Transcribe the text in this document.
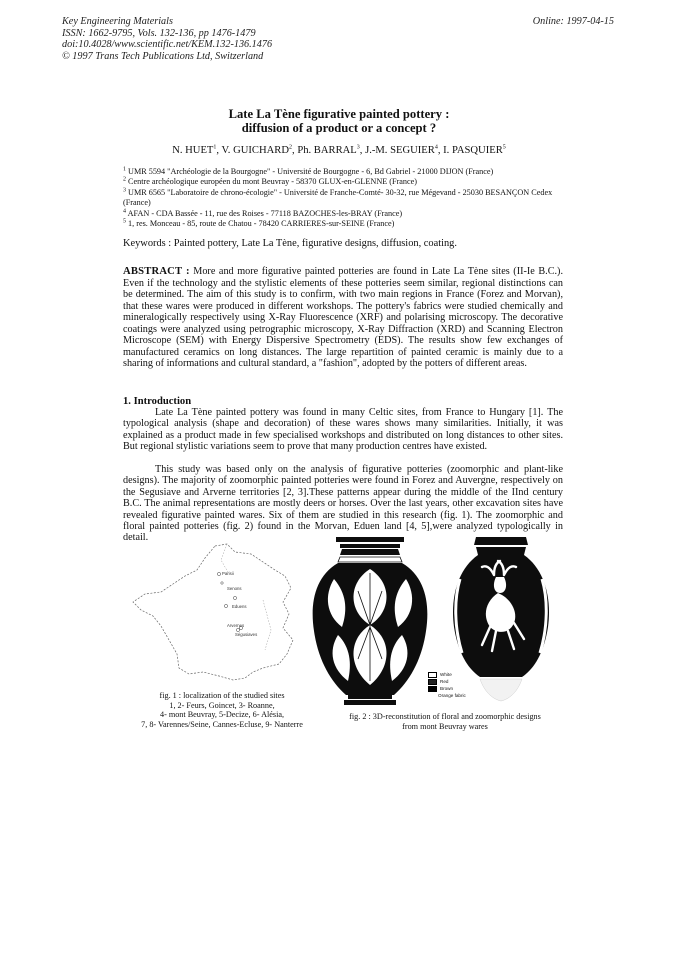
Key Engineering Materials
ISSN: 1662-9795, Vols. 132-136, pp 1476-1479
doi:10.4028/www.scientific.net/KEM.132-136.1476
© 1997 Trans Tech Publications Ltd, Switzerland
Online: 1997-04-15
Late La Tène figurative painted pottery :
diffusion of a product or a concept ?
N. HUET$^1$, V. GUICHARD$^2$, Ph. BARRAL$^3$, J.-M. SEGUIER$^4$, I. PASQUIER$^5$
$^1$ UMR 5594 "Archéologie de la Bourgogne" - Université de Bourgogne - 6, Bd Gabriel - 21000 DIJON (France)
$^2$ Centre archéologique européen du mont Beuvray - 58370 GLUX-en-GLENNE (France)
$^3$ UMR 6565 "Laboratoire de chrono-écologie" - Université de Franche-Comté- 30-32, rue Mégevand - 25030 BESANÇON Cedex (France)
$^4$ AFAN - CDA Bassée - 11, rue des Roises - 77118 BAZOCHES-les-BRAY (France)
$^5$ 1, res. Monceau - 85, route de Chatou - 78420 CARRIERES-sur-SEINE (France)
Keywords : Painted pottery, Late La Tène, figurative designs, diffusion, coating.
ABSTRACT : More and more figurative painted potteries are found in Late La Tène sites (II-Ie B.C.). Even if the technology and the stylistic elements of these potteries seem similar, regional distinctions can be determined. The aim of this study is to confirm, with two main regions in France (Forez and Morvan), that these wares were produced in different workshops. The pottery's fabrics were studied chemically and mineralogically respectively using X-Ray Fluorescence (XRF) and polarising microscopy. The decorative coatings were analyzed using petrographic microscopy, X-Ray Diffraction (XRD) and Scanning Electron Microscope (SEM) with Energy Dispersive Spectrometry (EDS). The results show few exchanges of manufactured ceramics on long distances. The large repartition of painted ceramic is mainly due to a sharing of informations and cultural standard, a "fashion", adopted by the potters of different areas.
1. Introduction

Late La Tène painted pottery was found in many Celtic sites, from France to Hungary [1]. The typological analysis (shape and decoration) of these wares shows many similarities. Initially, it was explained as a product made in few specialised workshops and distributed on long distances to other sites. But regional stylistic variations seem to prove that many production centres have existed.

This study was based only on the analysis of figurative potteries (zoomorphic and plant-like designs). The majority of zoomorphic painted potteries were found in Forez and Auvergne, respectively on the Segusiave and Arverne territories [2, 3].These patterns appear during the middle of the IInd century B.C. The animal representations are mostly deers or horses. Over the last years, other excavation sites have revealed figurative painted wares. Six of them are studied in this research (fig. 1). The zoomorphic and floral painted potteries (fig. 2) found in the Morvan, Eduen land [4, 5],were analyzed typologically in detail.

Parisii
Senons
Eduens
Arvernes
Ségusiaves
fig. 1 : localization of the studied sites
1, 2- Feurs, Goincet, 3- Roanne,
4- mont Beuvray, 5-Decize, 6- Alésia,
7, 8- Varennes/Seine, Cannes-Ecluse, 9- Nanterre
White
Red
Brown
Orange fabric
fig. 2 : 3D-reconstitution of floral and zoomorphic designs
from mont Beuvray wares
